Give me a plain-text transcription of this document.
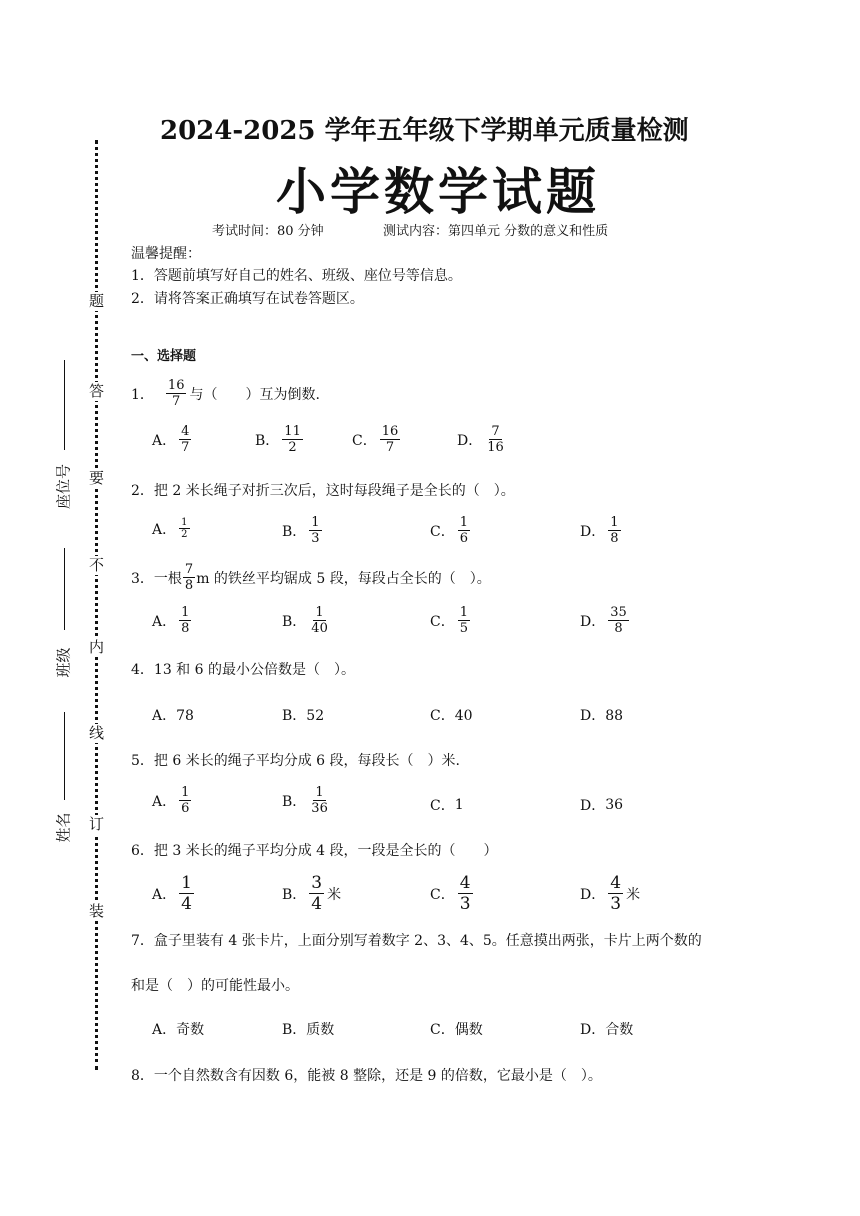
题
答
要
不
内
线
订
装
座位号
班级
姓名
2024-2025 学年五年级下学期单元质量检测
小学数学试题
考试时间：80 分钟	测试内容：第四单元 分数的意义和性质
温馨提醒：
1．答题前填写好自己的姓名、班级、座位号等信息。
2．请将答案正确填写在试卷答题区。
一、选择题
1． $\frac{16}{7}$ 与（　　）互为倒数.
A． $\frac{4}{7}$	B． $\frac{11}{2}$	C． $\frac{16}{7}$	D． $\frac{7}{16}$
2．把 2 米长绳子对折三次后，这时每段绳子是全长的（　）。
A． $\frac{1}{2}$	B． $\frac{1}{3}$	C． $\frac{1}{6}$	D． $\frac{1}{8}$
3． 一根 $\frac{7}{8}$ m 的铁丝平均锯成 5 段，每段占全长的（　）。
A． $\frac{1}{8}$	B． $\frac{1}{40}$	C． $\frac{1}{5}$	D． $\frac{35}{8}$
4．13 和 6 的最小公倍数是（　）。
A．78	B．52	C．40	D．88
5．把 6 米长的绳子平均分成 6 段，每段长（　）米.
A． $\frac{1}{6}$	B． $\frac{1}{36}$	C． 1	D． 36
6．把 3 米长的绳子平均分成 4 段，一段是全长的（　　）
A． $\frac{1}{4}$	B． $\frac{3}{4}$ 米	C． $\frac{4}{3}$	D． $\frac{4}{3}$ 米
7．盒子里装有 4 张卡片，上面分别写着数字 2、3、4、5。任意摸出两张，卡片上两个数的
和是（　）的可能性最小。
A．奇数	B．质数	C．偶数	D．合数
8．一个自然数含有因数 6，能被 8 整除，还是 9 的倍数，它最小是（　）。
